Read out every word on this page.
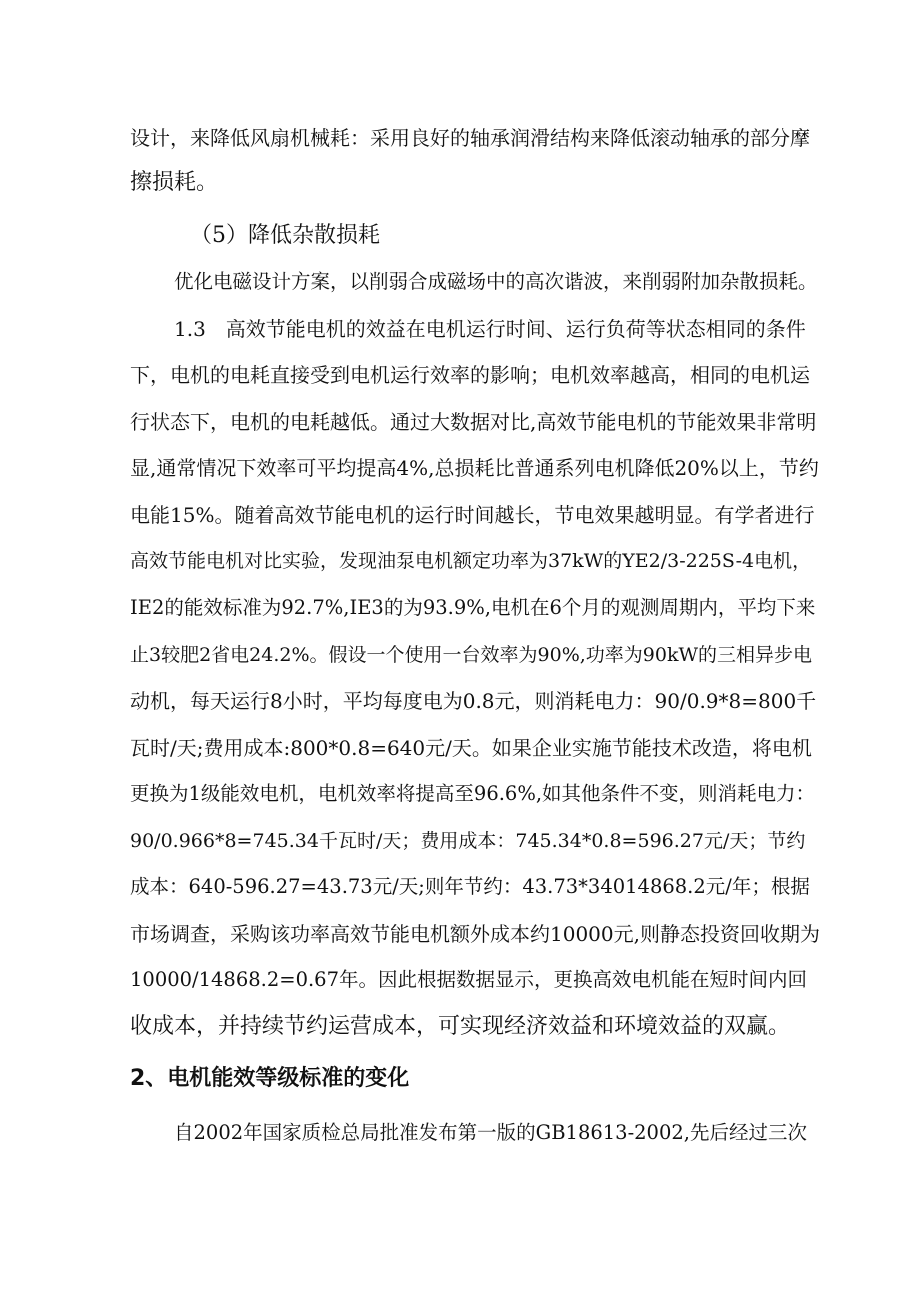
设计，来降低风扇机械耗：采用良好的轴承润滑结构来降低滚动轴承的部分摩
擦损耗。
（5）降低杂散损耗
优化电磁设计方案，以削弱合成磁场中的高次谐波，来削弱附加杂散损耗。
1.3　高效节能电机的效益在电机运行时间、运行负荷等状态相同的条件
下，电机的电耗直接受到电机运行效率的影响；电机效率越高，相同的电机运
行状态下，电机的电耗越低。通过大数据对比,高效节能电机的节能效果非常明
显,通常情况下效率可平均提高4%,总损耗比普通系列电机降低20%以上，节约
电能15%。随着高效节能电机的运行时间越长，节电效果越明显。有学者进行
高效节能电机对比实验，发现油泵电机额定功率为37kW的YE2/3-225S-4电机，
IE2的能效标准为92.7%,IE3的为93.9%,电机在6个月的观测周期内，平均下来
止3较肥2省电24.2%。假设一个使用一台效率为90%,功率为90kW的三相异步电
动机，每天运行8小时，平均每度电为0.8元，则消耗电力：90/0.9*8=800千
瓦时/天;费用成本:800*0.8=640元/天。如果企业实施节能技术改造，将电机
更换为1级能效电机，电机效率将提高至96.6%,如其他条件不变，则消耗电力：
90/0.966*8=745.34千瓦时/天；费用成本：745.34*0.8=596.27元/天；节约
成本：640-596.27=43.73元/天;则年节约：43.73*34014868.2元/年；根据
市场调查，采购该功率高效节能电机额外成本约10000元,则静态投资回收期为
10000/14868.2=0.67年。因此根据数据显示，更换高效电机能在短时间内回
收成本，并持续节约运营成本，可实现经济效益和环境效益的双赢。
2、电机能效等级标准的变化
自2002年国家质检总局批准发布第一版的GB18613-2002,先后经过三次
